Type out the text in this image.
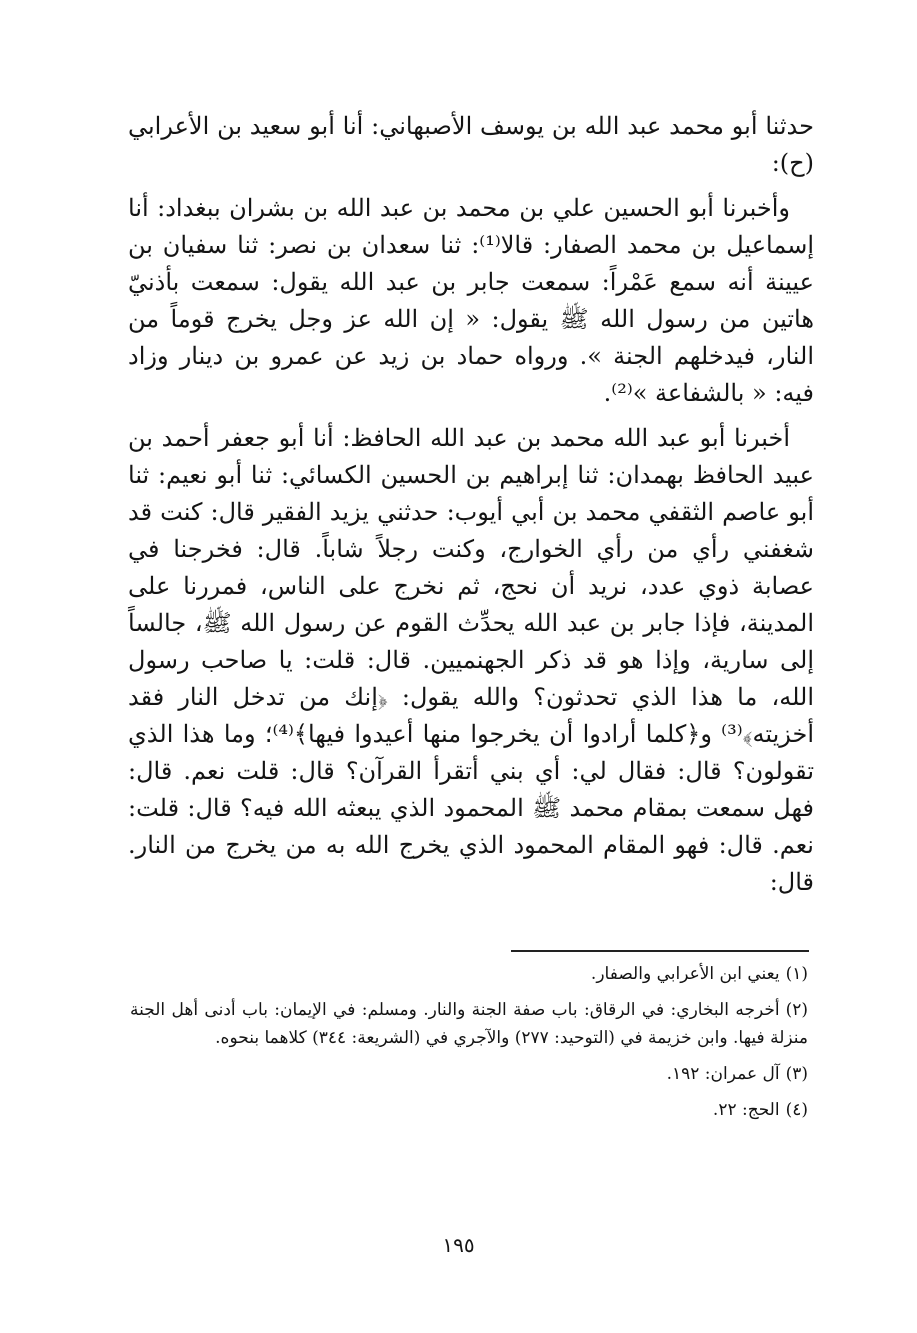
حدثنا أبو محمد عبد الله بن يوسف الأصبهاني: أنا أبو سعيد بن الأعرابي (ح):

وأخبرنا أبو الحسين علي بن محمد بن عبد الله بن بشران ببغداد: أنا إسماعيل بن محمد الصفار: قالا⁽¹⁾: ثنا سعدان بن نصر: ثنا سفيان بن عيينة أنه سمع عَمْراً: سمعت جابر بن عبد الله يقول: سمعت بأذنيّ هاتين من رسول الله ﷺ يقول: « إن الله عز وجل يخرج قوماً من النار، فيدخلهم الجنة ». ورواه حماد بن زيد عن عمرو بن دينار وزاد فيه: « بالشفاعة »⁽²⁾.

أخبرنا أبو عبد الله محمد بن عبد الله الحافظ: أنا أبو جعفر أحمد بن عبيد الحافظ بهمدان: ثنا إبراهيم بن الحسين الكسائي: ثنا أبو نعيم: ثنا أبو عاصم الثقفي محمد بن أبي أيوب: حدثني يزيد الفقير قال: كنت قد شغفني رأي من رأي الخوارج، وكنت رجلاً شاباً. قال: فخرجنا في عصابة ذوي عدد، نريد أن نحج، ثم نخرج على الناس، فمررنا على المدينة، فإذا جابر بن عبد الله يحدِّث القوم عن رسول الله ﷺ، جالساً إلى سارية، وإذا هو قد ذكر الجهنميين. قال: قلت: يا صاحب رسول الله، ما هذا الذي تحدثون؟ والله يقول: ﴿إنك من تدخل النار فقد أخزيته﴾⁽³⁾ و﴿كلما أرادوا أن يخرجوا منها أعيدوا فيها﴾⁽⁴⁾؛ وما هذا الذي تقولون؟ قال: فقال لي: أي بني أتقرأ القرآن؟ قال: قلت نعم. قال: فهل سمعت بمقام محمد ﷺ المحمود الذي يبعثه الله فيه؟ قال: قلت: نعم. قال: فهو المقام المحمود الذي يخرج الله به من يخرج من النار. قال:

(١)يعني ابن الأعرابي والصفار.
(٢)أخرجه البخاري: في الرقاق: باب صفة الجنة والنار. ومسلم: في الإيمان: باب أدنى أهل الجنة منزلة فيها. وابن خزيمة في (التوحيد: ٢٧٧) والآجري في (الشريعة: ٣٤٤) كلاهما بنحوه.
(٣)آل عمران: ١٩٢.
(٤)الحج: ٢٢.
١٩٥
